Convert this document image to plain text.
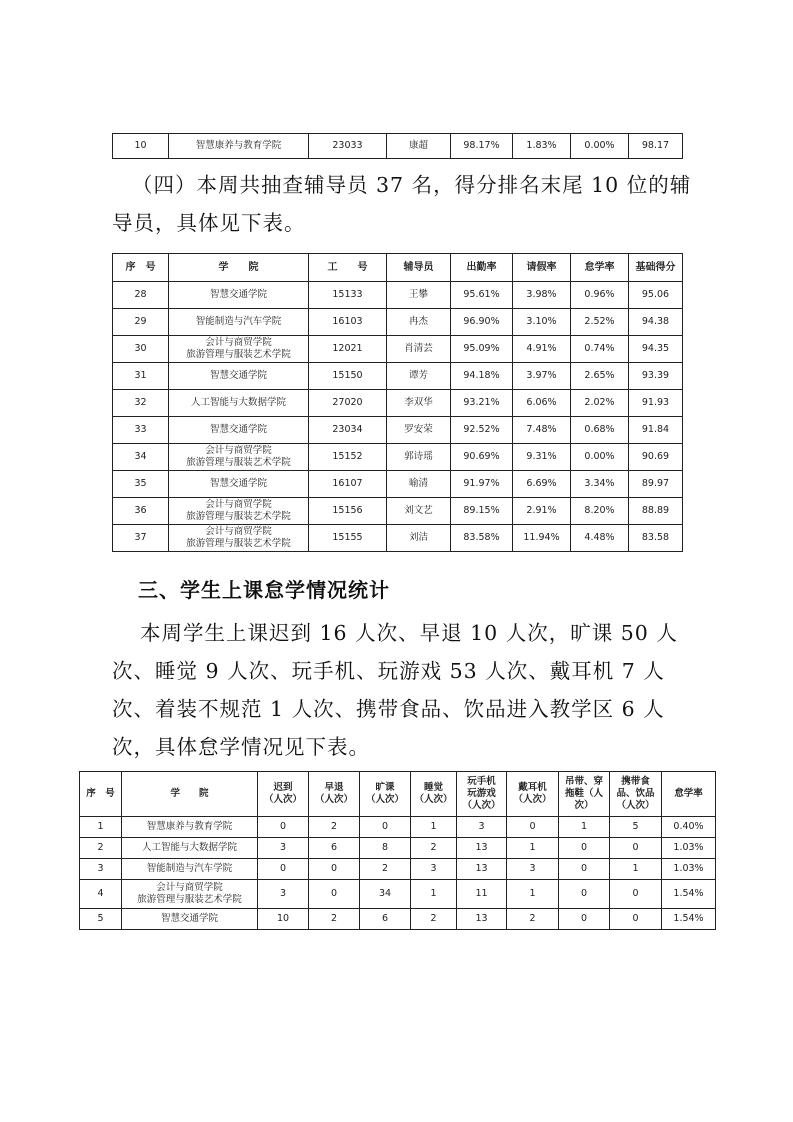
10	智慧康养与教育学院	23033	康超	98.17%	1.83%	0.00%	98.17
（四）本周共抽查辅导员 37 名，得分排名末尾 10 位的辅导员，具体见下表。
序　号	学　　院	工　　号	辅导员	出勤率	请假率	怠学率	基础得分
28	智慧交通学院	15133	王攀	95.61%	3.98%	0.96%	95.06
29	智能制造与汽车学院	16103	冉杰	96.90%	3.10%	2.52%	94.38
30	会计与商贸学院
旅游管理与服装艺术学院	12021	肖清芸	95.09%	4.91%	0.74%	94.35
31	智慧交通学院	15150	谭芳	94.18%	3.97%	2.65%	93.39
32	人工智能与大数据学院	27020	李双华	93.21%	6.06%	2.02%	91.93
33	智慧交通学院	23034	罗安荣	92.52%	7.48%	0.68%	91.84
34	会计与商贸学院
旅游管理与服装艺术学院	15152	郭诗瑶	90.69%	9.31%	0.00%	90.69
35	智慧交通学院	16107	喻清	91.97%	6.69%	3.34%	89.97
36	会计与商贸学院
旅游管理与服装艺术学院	15156	刘文艺	89.15%	2.91%	8.20%	88.89
37	会计与商贸学院
旅游管理与服装艺术学院	15155	刘洁	83.58%	11.94%	4.48%	83.58
三、学生上课怠学情况统计
本周学生上课迟到 16 人次、早退 10 人次，旷课 50 人次、睡觉 9 人次、玩手机、玩游戏 53 人次、戴耳机 7 人次、着装不规范 1 人次、携带食品、饮品进入教学区 6 人次，具体怠学情况见下表。
序　号	学　　院	迟到
（人次）	早退
（人次）	旷课
（人次）	睡觉
（人次）	玩手机
玩游戏
（人次）	戴耳机
（人次）	吊带、穿
拖鞋（人
次）	携带食
品、饮品
（人次）	怠学率

1	智慧康养与教育学院	0	2	0	1	3	0	1	5	0.40%
2	人工智能与大数据学院	3	6	8	2	13	1	0	0	1.03%
3	智能制造与汽车学院	0	0	2	3	13	3	0	1	1.03%
4	会计与商贸学院
旅游管理与服装艺术学院	3	0	34	1	11	1	0	0	1.54%
5	智慧交通学院	10	2	6	2	13	2	0	0	1.54%
